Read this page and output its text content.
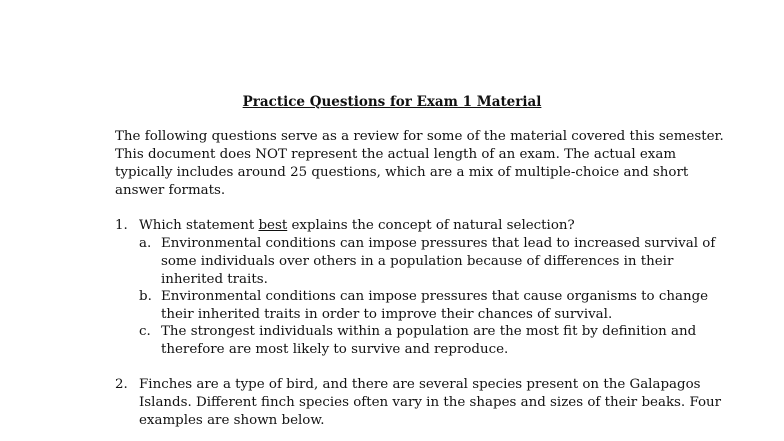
Practice Questions for Exam 1 Material
The following questions serve as a review for some of the material covered this semester.
This document does NOT represent the actual length of an exam. The actual exam
typically includes around 25 questions, which are a mix of multiple-choice and short
answer formats.
1. Which statement best explains the concept of natural selection?
a. Environmental conditions can impose pressures that lead to increased survival of
some individuals over others in a population because of differences in their
inherited traits.
b. Environmental conditions can impose pressures that cause organisms to change
their inherited traits in order to improve their chances of survival.
c. The strongest individuals within a population are the most fit by definition and
therefore are most likely to survive and reproduce.
2. Finches are a type of bird, and there are several species present on the Galapagos
Islands. Different finch species often vary in the shapes and sizes of their beaks. Four
examples are shown below.
